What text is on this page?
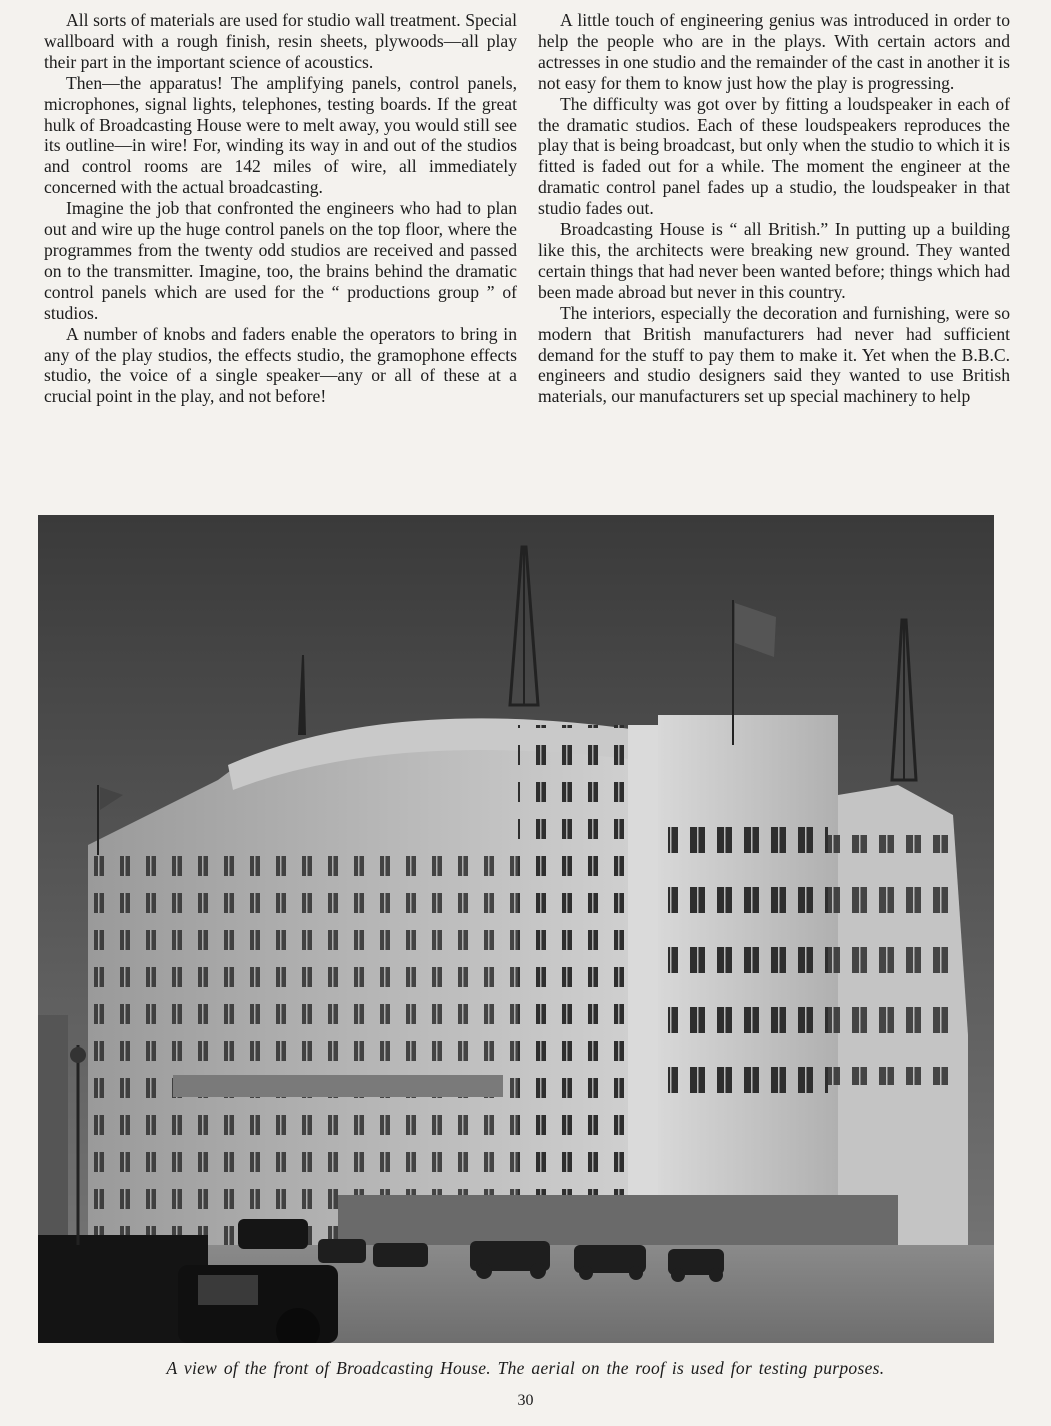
All sorts of materials are used for studio wall treatment. Special wallboard with a rough finish, resin sheets, plywoods—all play their part in the important science of acoustics.

Then—the apparatus! The amplifying panels, control panels, microphones, signal lights, telephones, testing boards. If the great hulk of Broadcasting House were to melt away, you would still see its outline—in wire! For, winding its way in and out of the studios and control rooms are 142 miles of wire, all immediately concerned with the actual broadcasting.

Imagine the job that confronted the engineers who had to plan out and wire up the huge control panels on the top floor, where the programmes from the twenty odd studios are received and passed on to the transmitter. Imagine, too, the brains behind the dramatic control panels which are used for the “ productions group ” of studios.

A number of knobs and faders enable the operators to bring in any of the play studios, the effects studio, the gramophone effects studio, the voice of a single speaker—any or all of these at a crucial point in the play, and not before!

A little touch of engineering genius was introduced in order to help the people who are in the plays. With certain actors and actresses in one studio and the remainder of the cast in another it is not easy for them to know just how the play is progressing.

The difficulty was got over by fitting a loudspeaker in each of the dramatic studios. Each of these loudspeakers reproduces the play that is being broadcast, but only when the studio to which it is fitted is faded out for a while. The moment the engineer at the dramatic control panel fades up a studio, the loudspeaker in that studio fades out.

Broadcasting House is “ all British.” In putting up a building like this, the architects were breaking new ground. They wanted certain things that had never been wanted before; things which had been made abroad but never in this country.

The interiors, especially the decoration and furnishing, were so modern that British manufacturers had never had sufficient demand for the stuff to pay them to make it. Yet when the B.B.C. engineers and studio designers said they wanted to use British materials, our manufacturers set up special machinery to help

A view of the front of Broadcasting House. The aerial on the roof is used for testing purposes.
30
